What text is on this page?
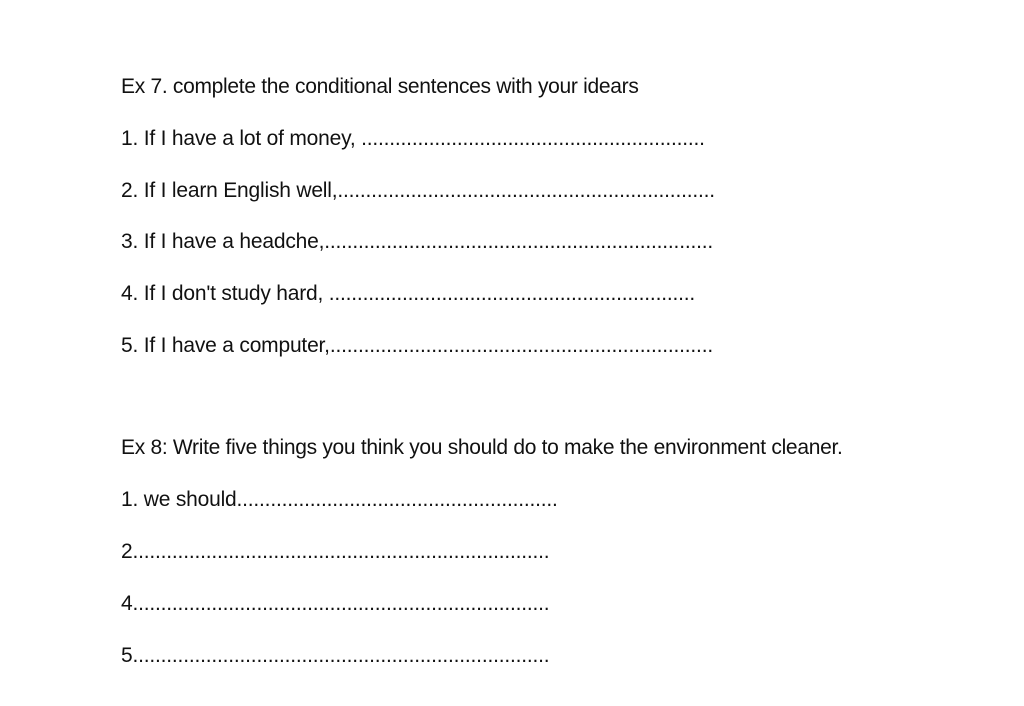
Ex 7. complete the conditional sentences with your idears
1. If I have a lot of money, .............................................................
2. If I learn English well,...................................................................
3. If I have a headche,.....................................................................
4. If I don't study hard, .................................................................
5. If I have a computer,....................................................................
Ex 8: Write five things you think you should do to make the environment cleaner.
1. we should.........................................................
2..........................................................................
4..........................................................................
5..........................................................................
